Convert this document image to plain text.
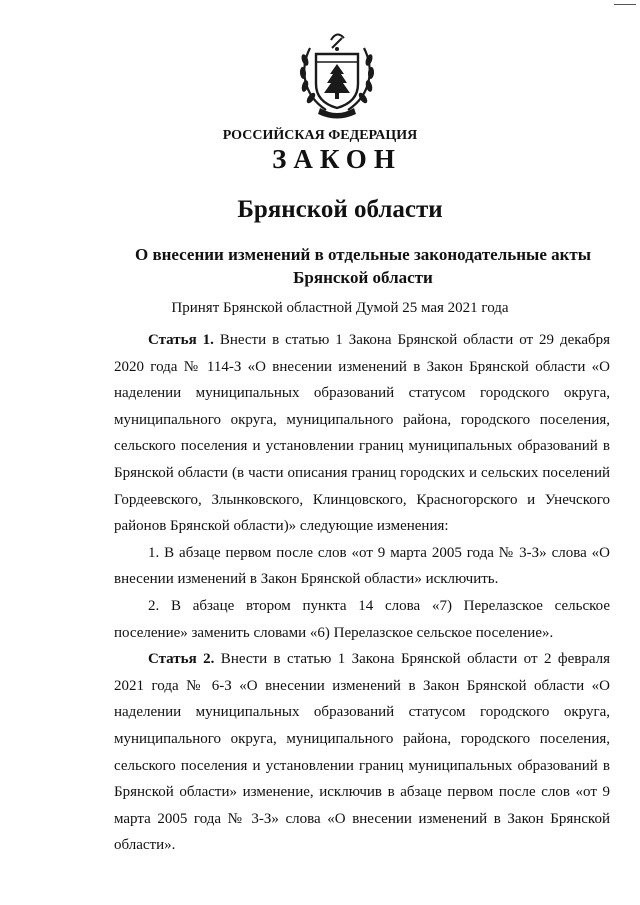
РОССИЙСКАЯ ФЕДЕРАЦИЯ
ЗАКОН
Брянской области
О внесении изменений в отдельные законодательные акты Брянской области
Принят Брянской областной Думой 25 мая 2021 года

Статья 1. Внести в статью 1 Закона Брянской области от 29 декабря 2020 года № 114-З «О внесении изменений в Закон Брянской области «О наделении муниципальных образований статусом городского округа, муниципального округа, муниципального района, городского поселения, сельского поселения и установлении границ муниципальных образований в Брянской области (в части описания границ городских и сельских поселений Гордеевского, Злынковского, Клинцовского, Красногорского и Унечского районов Брянской области)» следующие изменения:

1. В абзаце первом после слов «от 9 марта 2005 года № 3-З» слова «О внесении изменений в Закон Брянской области» исключить.

2. В абзаце втором пункта 14 слова «7) Перелазское сельское поселение» заменить словами «6) Перелазское сельское поселение».

Статья 2. Внести в статью 1 Закона Брянской области от 2 февраля 2021 года № 6-З «О внесении изменений в Закон Брянской области «О наделении муниципальных образований статусом городского округа, муниципального округа, муниципального района, городского поселения, сельского поселения и установлении границ муниципальных образований в Брянской области» изменение, исключив в абзаце первом после слов «от 9 марта 2005 года № 3-З» слова «О внесении изменений в Закон Брянской области».
